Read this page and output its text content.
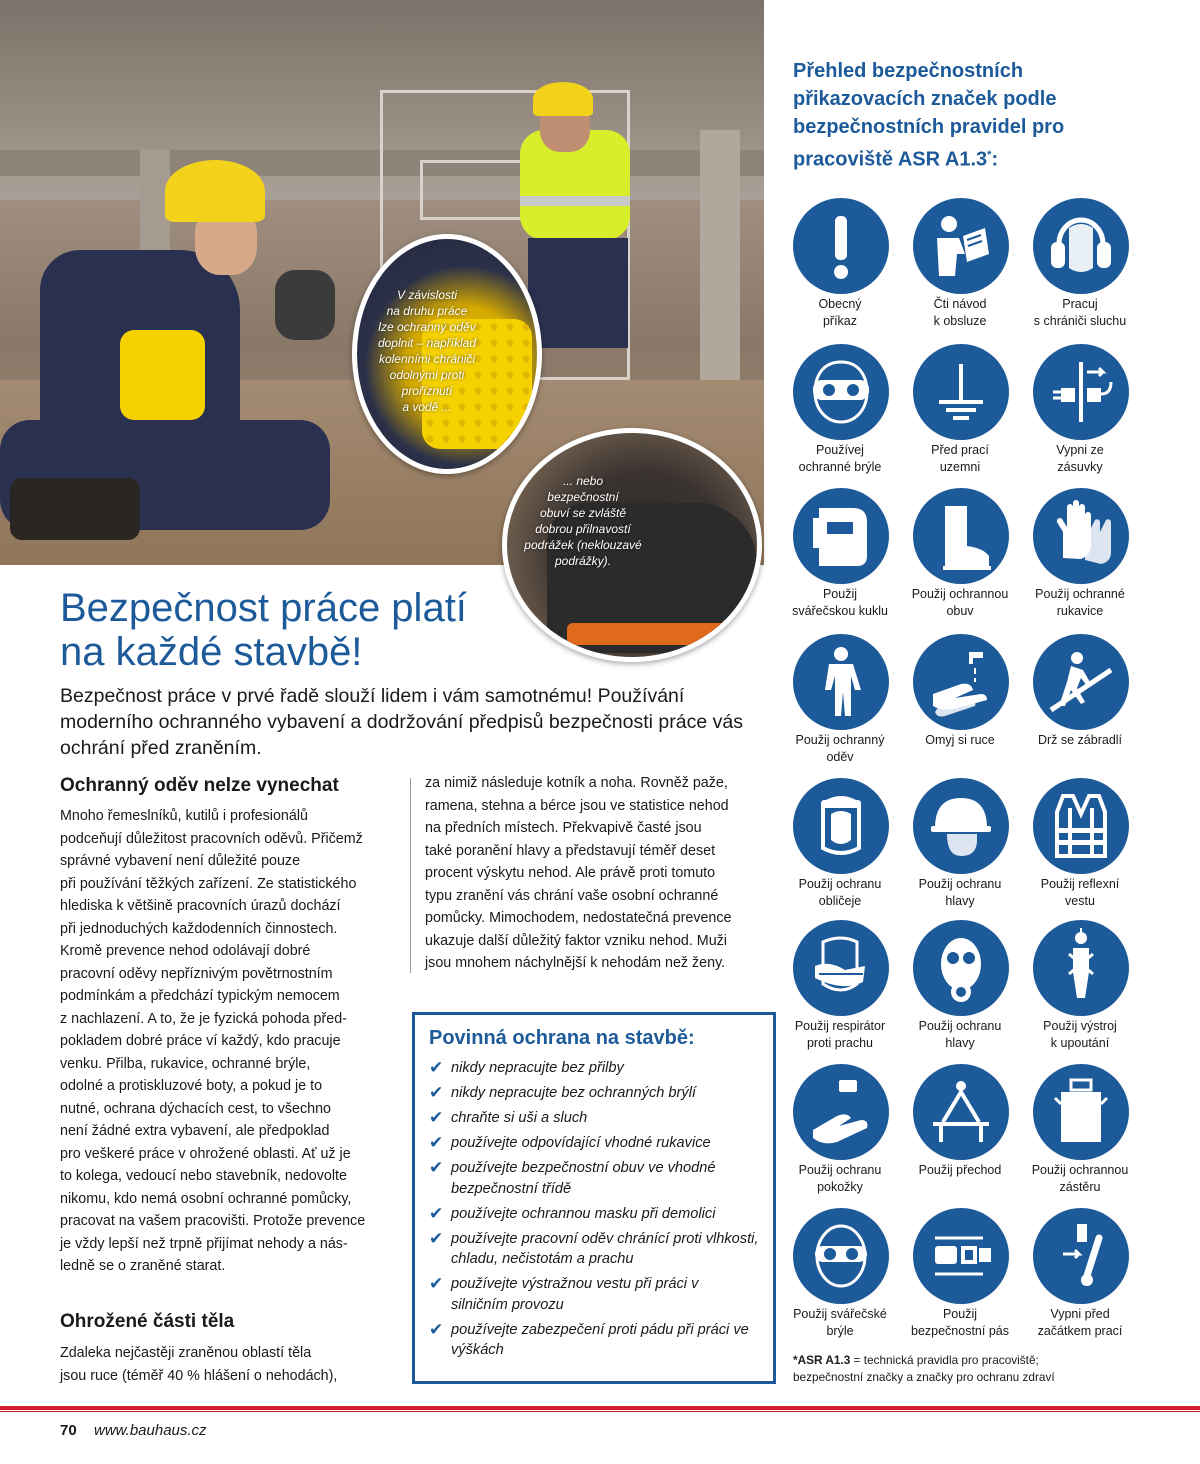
V závislosti
na druhu práce
lze ochranný oděv
doplnit – například
kolenními chrániči
odolnými proti
proříznutí
a vodě ...
... nebo
bezpečnostní
obuví se zvláště
dobrou přilnavostí
podrážek (neklouzavé
podrážky).
Bezpečnost práce platí
na každé stavbě!

Bezpečnost práce v prvé řadě slouží lidem i vám samotnému! Používání moderního ochranného vybavení a dodržování předpisů bezpečnosti práce vás ochrání před zraněním.

Ochranný oděv nelze vynechat
Mnoho řemeslníků, kutilů i profesionálů
podceňují důležitost pracovních oděvů. Přičemž
správné vybavení není důležité pouze
při používání těžkých zařízení. Ze statistického
hlediska k většině pracovních úrazů dochází
při jednoduchých každodenních činnostech.
Kromě prevence nehod odolávají dobré
pracovní oděvy nepříznivým povětrnostním
podmínkám a předchází typickým nemocem
z nachlazení. A to, že je fyzická pohoda před-
pokladem dobré práce ví každý, kdo pracuje
venku. Přilba, rukavice, ochranné brýle,
odolné a protiskluzové boty, a pokud je to
nutné, ochrana dýchacích cest, to všechno
není žádné extra vybavení, ale předpoklad
pro veškeré práce v ohrožené oblasti. Ať už je
to kolega, vedoucí nebo stavebník, nedovolte
nikomu, kdo nemá osobní ochranné pomůcky,
pracovat na vašem pracovišti. Protože prevence
je vždy lepší než trpně přijímat nehody a nás-
ledně se o zraněné starat.
Ohrožené části těla
Zdaleka nejčastěji zraněnou oblastí těla
jsou ruce (téměř 40 % hlášení o nehodách),
za nimiž následuje kotník a noha. Rovněž paže,
ramena, stehna a bérce jsou ve statistice nehod
na předních místech. Překvapivě časté jsou
také poranění hlavy a představují téměř deset
procent výskytu nehod. Ale právě proti tomuto
typu zranění vás chrání vaše osobní ochranné
pomůcky. Mimochodem, nedostatečná prevence
ukazuje další důležitý faktor vzniku nehod. Muži
jsou mnohem náchylnější k nehodám než ženy.
Povinná ochrana na stavbě:
✔ nikdy nepracujte bez přilby
✔ nikdy nepracujte bez ochranných brýlí
✔ chraňte si uši a sluch
✔ používejte odpovídající vhodné rukavice
✔ používejte bezpečnostní obuv ve vhodné bezpečnostní třídě
✔ používejte ochrannou masku při demolici
✔ používejte pracovní oděv chránící proti vlhkosti, chladu, nečistotám a prachu
✔ používejte výstražnou vestu při práci v silničním provozu
✔ používejte zabezpečení proti pádu při práci ve výškách
Přehled bezpečnostních
přikazovacích značek podle
bezpečnostních pravidel pro
pracoviště ASR A1.3*:
Obecný
příkaz
Čti návod
k obsluze
Pracuj
s chrániči sluchu
Používej
ochranné brýle
Před prací
uzemni
Vypni ze
zásuvky
Použij
svářečskou kuklu
Použij ochrannou
obuv
Použij ochranné
rukavice
Použij ochranný
oděv
Omyj si ruce	Drž se zábradlí
Použij ochranu
obličeje
Použij ochranu
hlavy
Použij reflexní
vestu
Použij respirátor
proti prachu
Použij ochranu
hlavy
Použij výstroj
k upoutání
Použij ochranu
pokožky
Použij přechod	Použij ochrannou
zástěru
Použij svářečské
brýle
Použij
bezpečnostní pás
Vypni před
začátkem prací
*ASR A1.3 = technická pravidla pro pracoviště;
bezpečnostní značky a značky pro ochranu zdraví
70 www.bauhaus.cz
